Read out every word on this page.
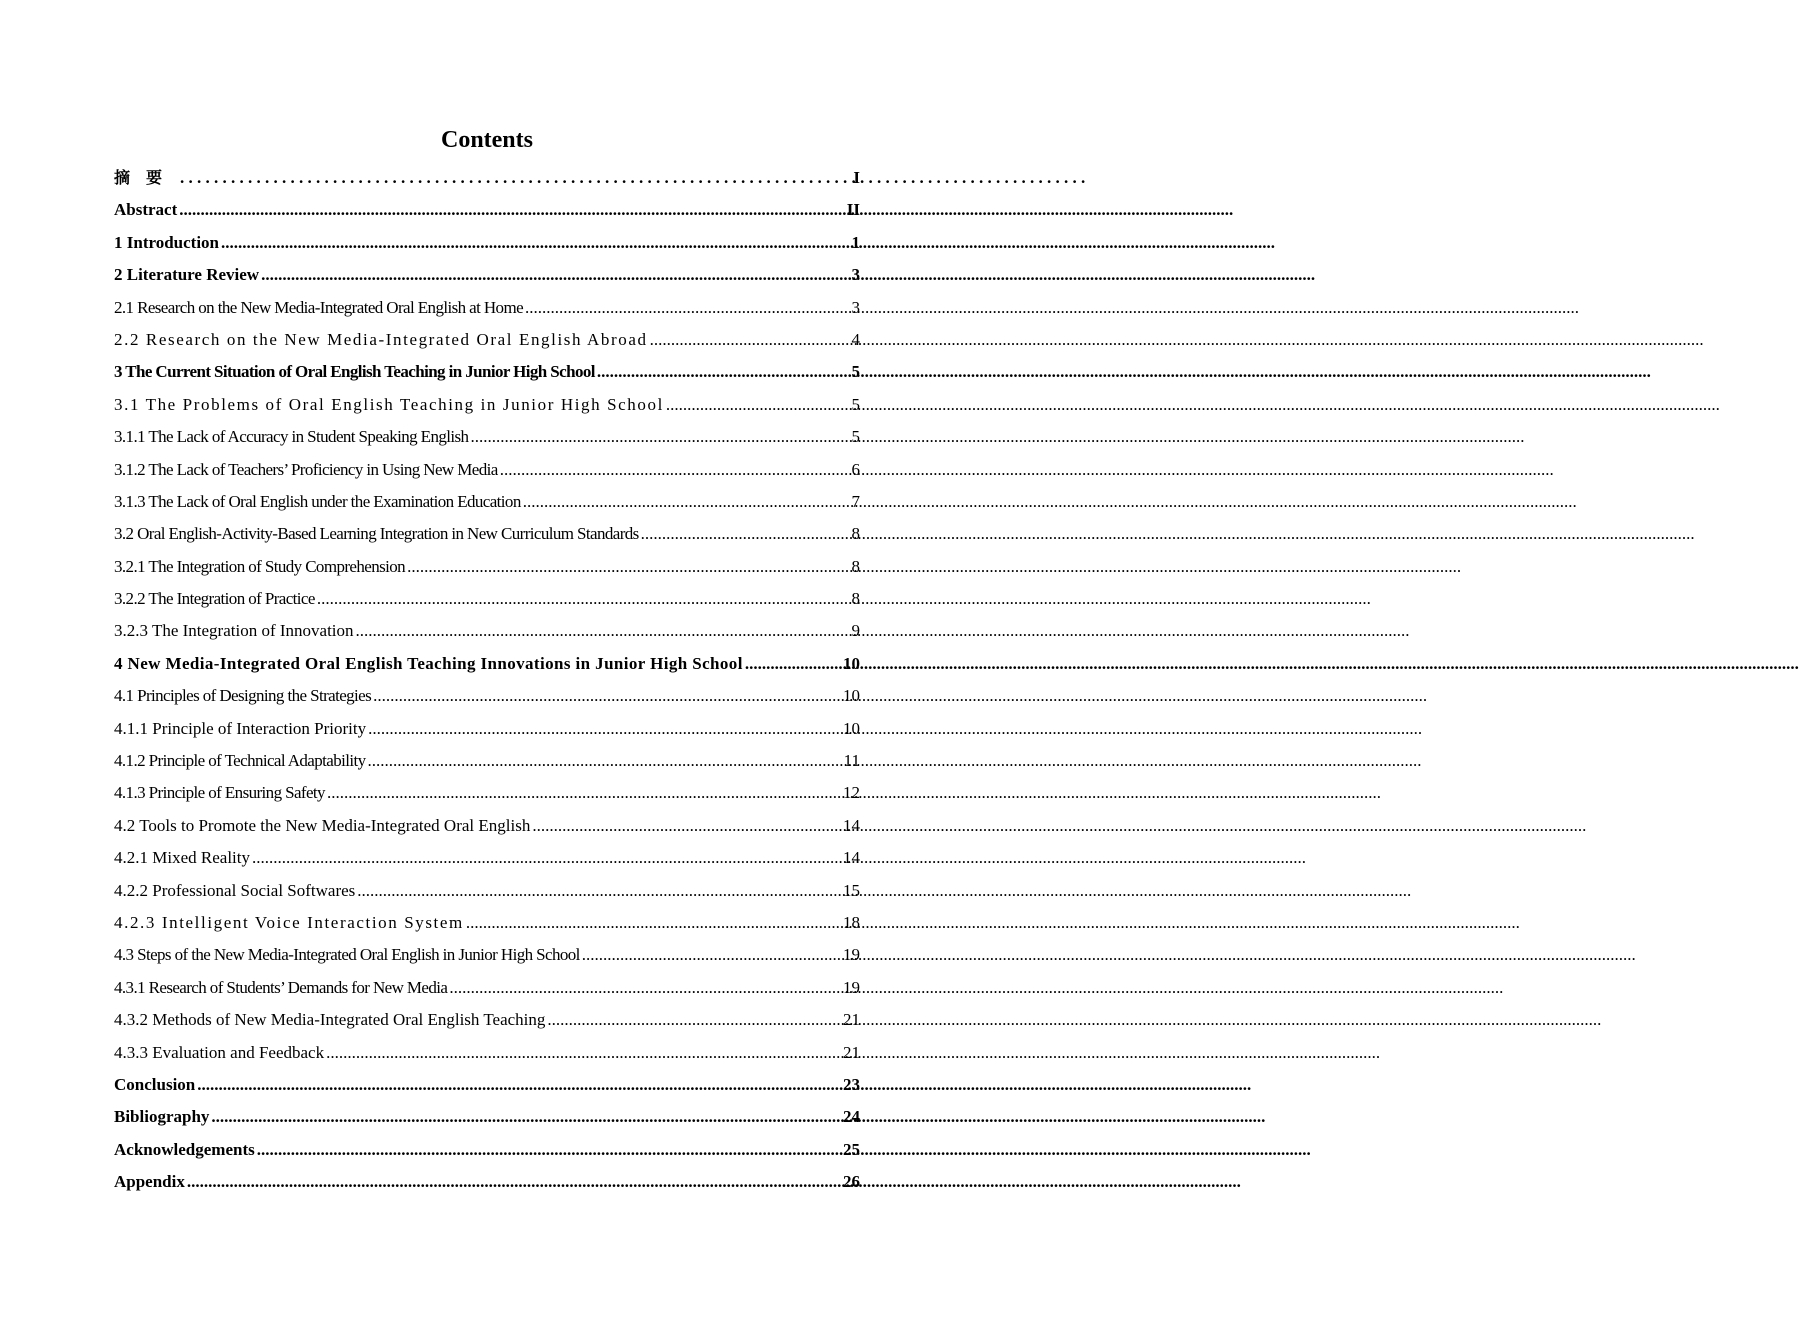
Contents
摘要 . . .	I
Abstract .....	II
1 Introduction .....	1
2 Literature Review .....	3
2.1 Research on the New Media-Integrated Oral English at Home .....	3
2.2 Research on the New Media-Integrated Oral English Abroad .....	4
3 The Current Situation of Oral English Teaching in Junior High School .....	5
3.1 The Problems of Oral English Teaching in Junior High School .....	5
3.1.1 The Lack of Accuracy in Student Speaking English .....	5
3.1.2 The Lack of Teachers’ Proficiency in Using New Media .....	6
3.1.3 The Lack of Oral English under the Examination Education .....	7
3.2 Oral English-Activity-Based Learning Integration in New Curriculum Standards .....	8
3.2.1 The Integration of Study Comprehension .....	8
3.2.2 The Integration of Practice .....	8
3.2.3 The Integration of Innovation .....	9
4 New Media-Integrated Oral English Teaching Innovations in Junior High School .....	10
4.1 Principles of Designing the Strategies .....	10
4.1.1 Principle of Interaction Priority .....	10
4.1.2 Principle of Technical Adaptability .....	11
4.1.3 Principle of Ensuring Safety .....	12
4.2 Tools to Promote the New Media-Integrated Oral English .....	14
4.2.1 Mixed Reality .....	14
4.2.2 Professional Social Softwares .....	15
4.2.3 Intelligent Voice Interaction System .....	18
4.3 Steps of the New Media-Integrated Oral English in Junior High School .....	19
4.3.1 Research of Students’ Demands for New Media .....	19
4.3.2 Methods of New Media-Integrated Oral English Teaching .....	21
4.3.3 Evaluation and Feedback .....	21
Conclusion .....	23
Bibliography .....	24
Acknowledgements .....	25
Appendix .....	26
